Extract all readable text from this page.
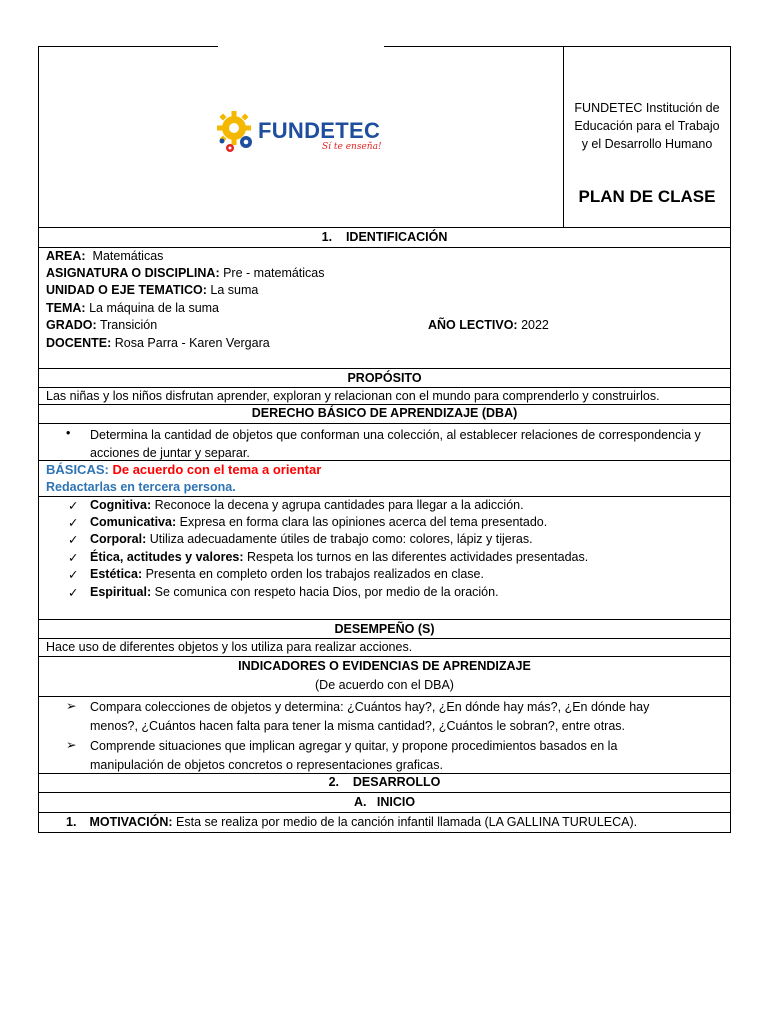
FUNDETEC
Sí te enseña!
FUNDETEC Institución de
Educación para el Trabajo
y el Desarrollo Humano
PLAN DE CLASE
1.    IDENTIFICACIÓN
AREA: Matemáticas
ASIGNATURA O DISCIPLINA: Pre - matemáticas
UNIDAD O EJE TEMATICO: La suma
TEMA: La máquina de la suma
GRADO: Transición	AÑO LECTIVO: 2022
DOCENTE: Rosa Parra - Karen Vergara
PROPÓSITO
Las niñas y los niños disfrutan aprender, exploran y relacionan con el mundo para comprenderlo y construirlos.
DERECHO BÁSICO DE APRENDIZAJE (DBA)
• Determina la cantidad de objetos que conforman una colección, al establecer relaciones de correspondencia y
acciones de juntar y separar.
BÁSICAS: De acuerdo con el tema a orientar
Redactarlas en tercera persona.
✓ Cognitiva: Reconoce la decena y agrupa cantidades para llegar a la adicción.
✓ Comunicativa: Expresa en forma clara las opiniones acerca del tema presentado.
✓ Corporal: Utiliza adecuadamente útiles de trabajo como: colores, lápiz y tijeras.
✓ Ética, actitudes y valores: Respeta los turnos en las diferentes actividades presentadas.
✓ Estética: Presenta en completo orden los trabajos realizados en clase.
✓ Espiritual: Se comunica con respeto hacia Dios, por medio de la oración.
DESEMPEÑO (S)
Hace uso de diferentes objetos y los utiliza para realizar acciones.
INDICADORES O EVIDENCIAS DE APRENDIZAJE
(De acuerdo con el DBA)
➢ Compara colecciones de objetos y determina: ¿Cuántos hay?, ¿En dónde hay más?, ¿En dónde hay
menos?, ¿Cuántos hacen falta para tener la misma cantidad?, ¿Cuántos le sobran?, entre otras.
➢ Comprende situaciones que implican agregar y quitar, y propone procedimientos basados en la
manipulación de objetos concretos o representaciones graficas.
2.    DESARROLLO
A.   INICIO
1. MOTIVACIÓN: Esta se realiza por medio de la canción infantil llamada (LA GALLINA TURULECA).
